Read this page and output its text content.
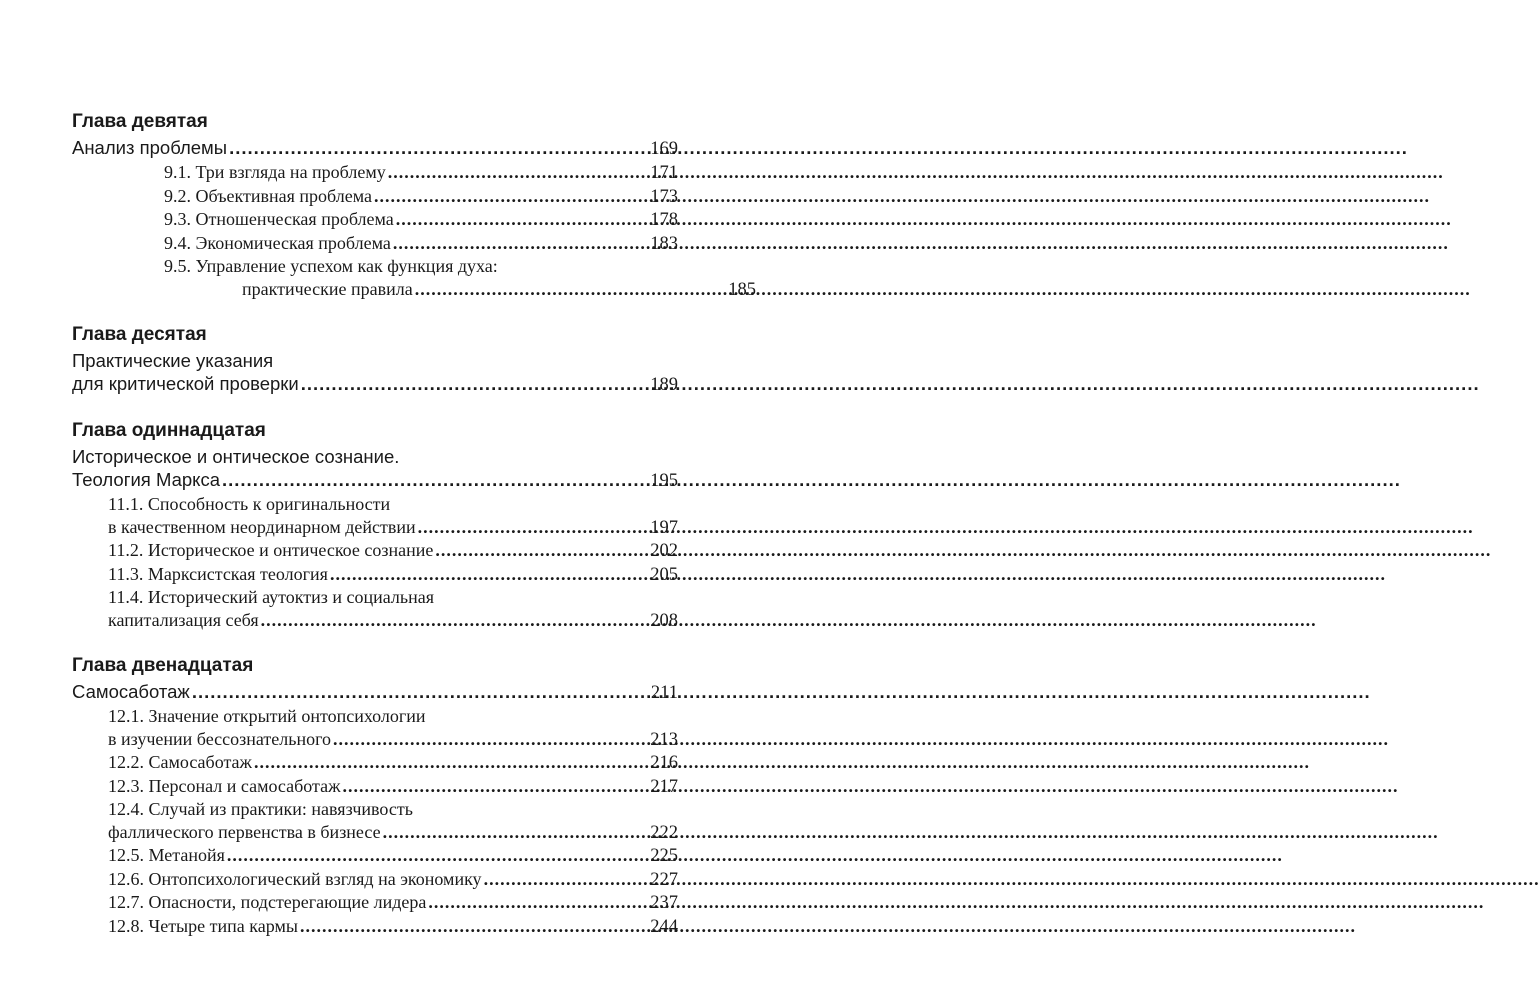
Глава девятая
Анализ проблемы .....	169
9.1. Три взгляда на проблему .....	171
9.2. Объективная проблема .....	173
9.3. Отношенческая проблема .....	178
9.4. Экономическая проблема .....	183
9.5. Управление успехом как функция духа:
практические правила .....	185
Глава десятая
Практические указания
для критической проверки .....	189
Глава одиннадцатая
Историческое и онтическое сознание.
Теология Маркса .....	195
11.1. Способность к оригинальности
в качественном неординарном действии .....	197
11.2. Историческое и онтическое сознание .....	202
11.3. Марксистская теология .....	205
11.4. Исторический аутоктиз и социальная
капитализация себя .....	208
Глава двенадцатая
Самосаботаж .....	211
12.1. Значение открытий онтопсихологии
в изучении бессознательного .....	213
12.2. Самосаботаж .....	216
12.3. Персонал и самосаботаж .....	217
12.4. Случай из практики: навязчивость
фаллического первенства в бизнесе .....	222
12.5. Метанойя .....	225
12.6. Онтопсихологический взгляд на экономику .....	227
12.7. Опасности, подстерегающие лидера .....	237
12.8. Четыре типа кармы .....	244
